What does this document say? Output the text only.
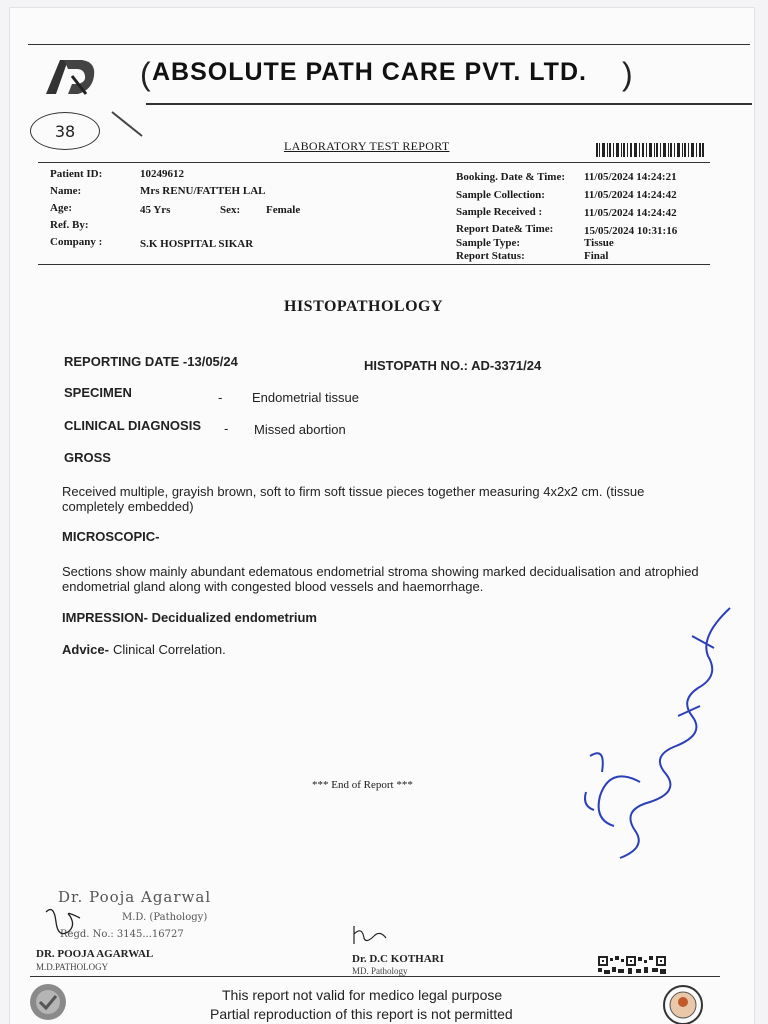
( ABSOLUTE PATH CARE PVT. LTD. )
38
LABORATORY TEST REPORT
Patient ID:	10249612
Name:	Mrs RENU/FATTEH LAL
Age:	45 Yrs	Sex: Female
Ref. By:
Company :	S.K HOSPITAL SIKAR
Booking. Date & Time: 11/05/2024 14:24:21
Sample Collection:	11/05/2024 14:24:42
Sample Received :	11/05/2024 14:24:42
Report Date& Time:	15/05/2024 10:31:16
Sample Type:	Tissue
Report Status:	Final
HISTOPATHOLOGY
REPORTING DATE -13/05/24	HISTOPATH NO.: AD-3371/24
SPECIMEN	- Endometrial tissue
CLINICAL DIAGNOSIS - Missed abortion
GROSS
Received multiple, grayish brown, soft to firm soft tissue pieces together measuring 4x2x2 cm. (tissue completely embedded)
MICROSCOPIC-
Sections show mainly abundant edematous endometrial stroma showing marked decidualisation and atrophied endometrial gland along with congested blood vessels and haemorrhage.
IMPRESSION- Decidualized endometrium
Advice- Clinical Correlation.
*** End of Report ***
Dr. Pooja Agarwal
M.D. (Pathology)
Regd. No.: 3145...16727
DR. POOJA AGARWAL
M.D.PATHOLOGY
Dr. D.C KOTHARI
MD. Pathology
This report not valid for medico legal purpose
Partial reproduction of this report is not permitted
